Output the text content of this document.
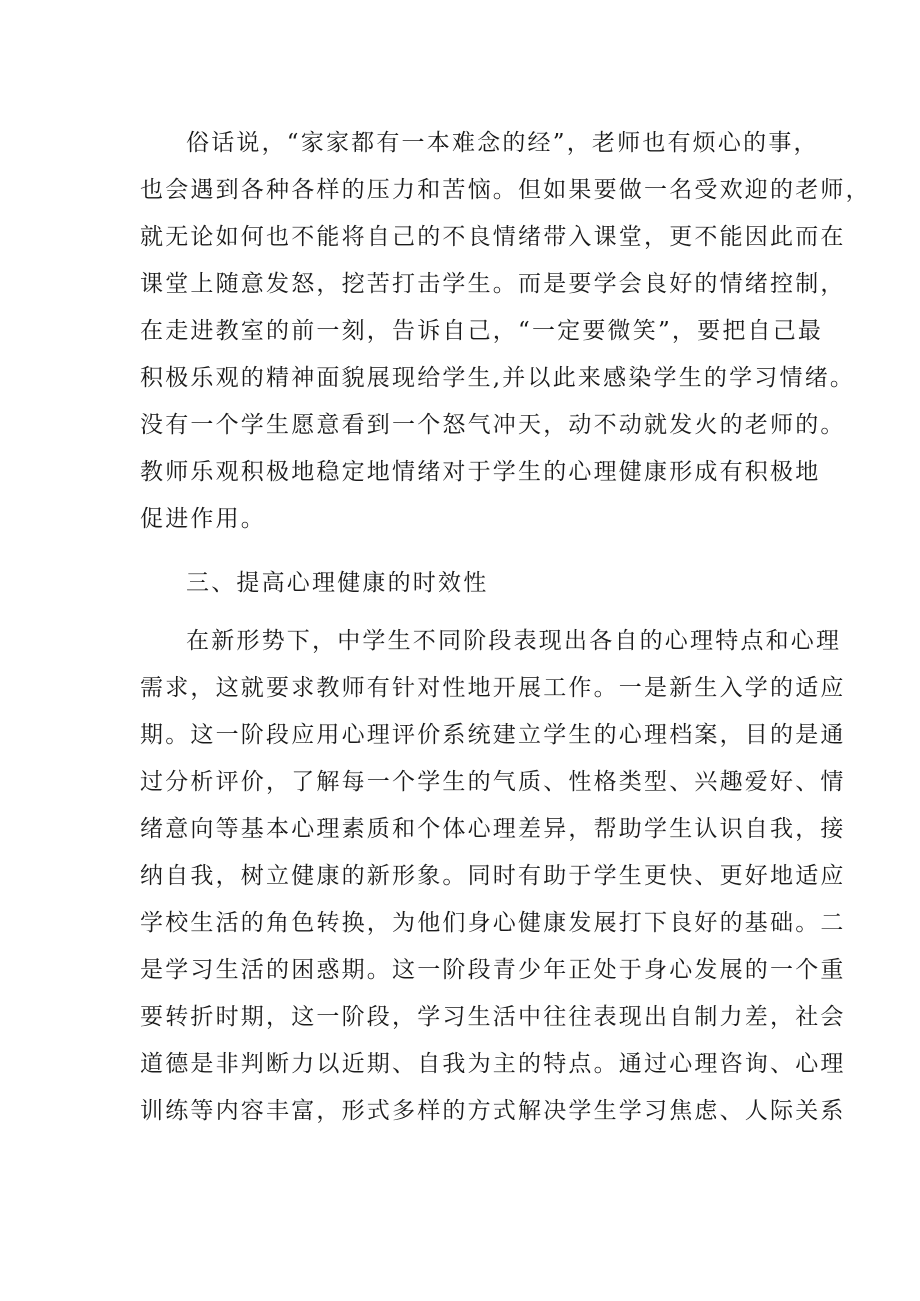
俗话说，“家家都有一本难念的经”，老师也有烦心的事，
也会遇到各种各样的压力和苦恼。但如果要做一名受欢迎的老师，
就无论如何也不能将自己的不良情绪带入课堂，更不能因此而在
课堂上随意发怒，挖苦打击学生。而是要学会良好的情绪控制，
在走进教室的前一刻，告诉自己，“一定要微笑”，要把自己最
积极乐观的精神面貌展现给学生,并以此来感染学生的学习情绪。
没有一个学生愿意看到一个怒气冲天，动不动就发火的老师的。
教师乐观积极地稳定地情绪对于学生的心理健康形成有积极地
促进作用。
三、提高心理健康的时效性
在新形势下，中学生不同阶段表现出各自的心理特点和心理
需求，这就要求教师有针对性地开展工作。一是新生入学的适应
期。这一阶段应用心理评价系统建立学生的心理档案，目的是通
过分析评价，了解每一个学生的气质、性格类型、兴趣爱好、情
绪意向等基本心理素质和个体心理差异，帮助学生认识自我，接
纳自我，树立健康的新形象。同时有助于学生更快、更好地适应
学校生活的角色转换，为他们身心健康发展打下良好的基础。二
是学习生活的困惑期。这一阶段青少年正处于身心发展的一个重
要转折时期，这一阶段，学习生活中往往表现出自制力差，社会
道德是非判断力以近期、自我为主的特点。通过心理咨询、心理
训练等内容丰富，形式多样的方式解决学生学习焦虑、人际关系
